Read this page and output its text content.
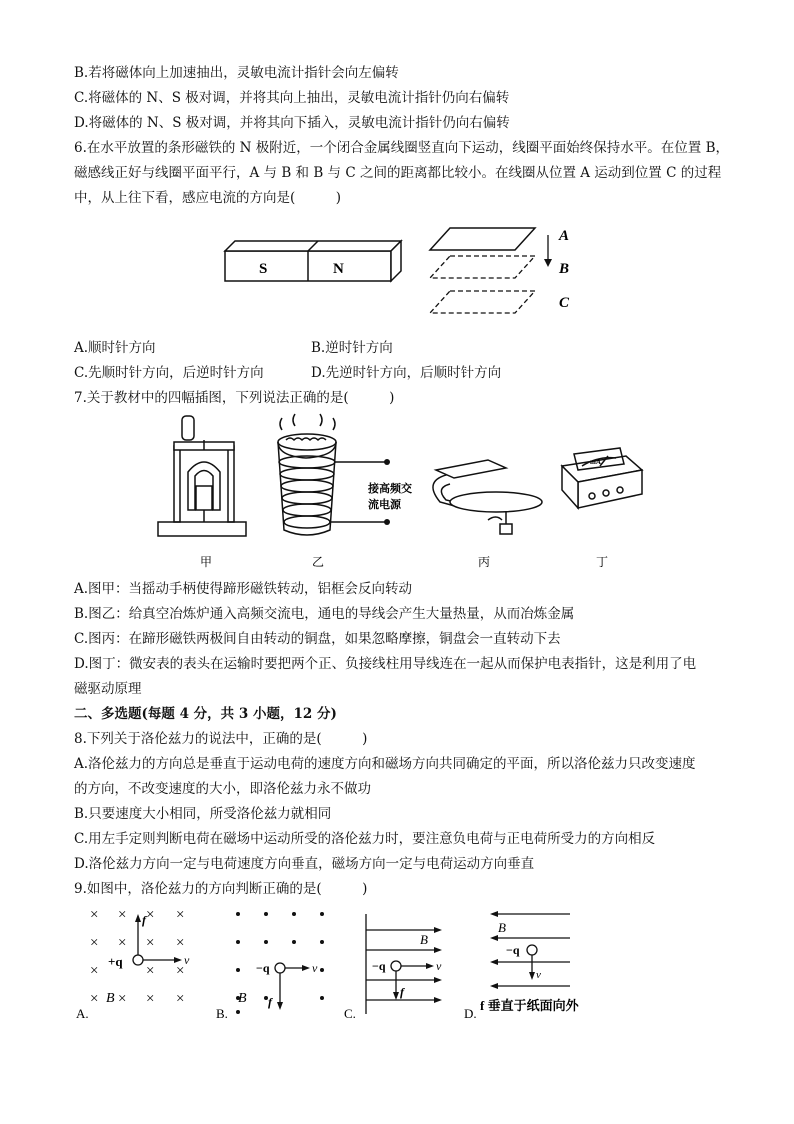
B.若将磁体向上加速抽出，灵敏电流计指针会向左偏转
C.将磁体的 N、S 极对调，并将其向上抽出，灵敏电流计指针仍向右偏转
D.将磁体的 N、S 极对调，并将其向下插入，灵敏电流计指针仍向右偏转
6.在水平放置的条形磁铁的 N 极附近，一个闭合金属线圈竖直向下运动，线圈平面始终保持水平。在位置 B，
磁感线正好与线圈平面平行，A 与 B 和 B 与 C 之间的距离都比较小。在线圈从位置 A 运动到位置 C 的过程
中，从上往下看，感应电流的方向是(　　　)
S	N
A
B
C
A.顺时针方向	B.逆时针方向
C.先顺时针方向，后逆时针方向	D.先逆时针方向，后顺时针方向
7.关于教材中的四幅插图，下列说法正确的是(　　　)
甲
接高频交
流电源
乙	丙
mA
丁
A.图甲：当摇动手柄使得蹄形磁铁转动，铝框会反向转动
B.图乙：给真空冶炼炉通入高频交流电，通电的导线会产生大量热量，从而冶炼金属
C.图丙：在蹄形磁铁两极间自由转动的铜盘，如果忽略摩擦，铜盘会一直转动下去
D.图丁：微安表的表头在运输时要把两个正、负接线柱用导线连在一起从而保护电表指针，这是利用了电
磁驱动原理
二、多选题(每题 4 分，共 3 小题，12 分)
8.下列关于洛伦兹力的说法中，正确的是(　　　)
A.洛伦兹力的方向总是垂直于运动电荷的速度方向和磁场方向共同确定的平面，所以洛伦兹力只改变速度
的方向，不改变速度的大小，即洛伦兹力永不做功
B.只要速度大小相同，所受洛伦兹力就相同
C.用左手定则判断电荷在磁场中运动所受的洛伦兹力时，要注意负电荷与正电荷所受力的方向相反
D.洛伦兹力方向一定与电荷速度方向垂直，磁场方向一定与电荷运动方向垂直
9.如图中，洛伦兹力的方向判断正确的是(　　　)
× × × ×
× × × ×
× ×
×
× × × ×
+q
f
v
B
A.
−q	v
f
B
B.
B
−q	v
f
C.
B
−q
v
f 垂直于纸面向外
D.
